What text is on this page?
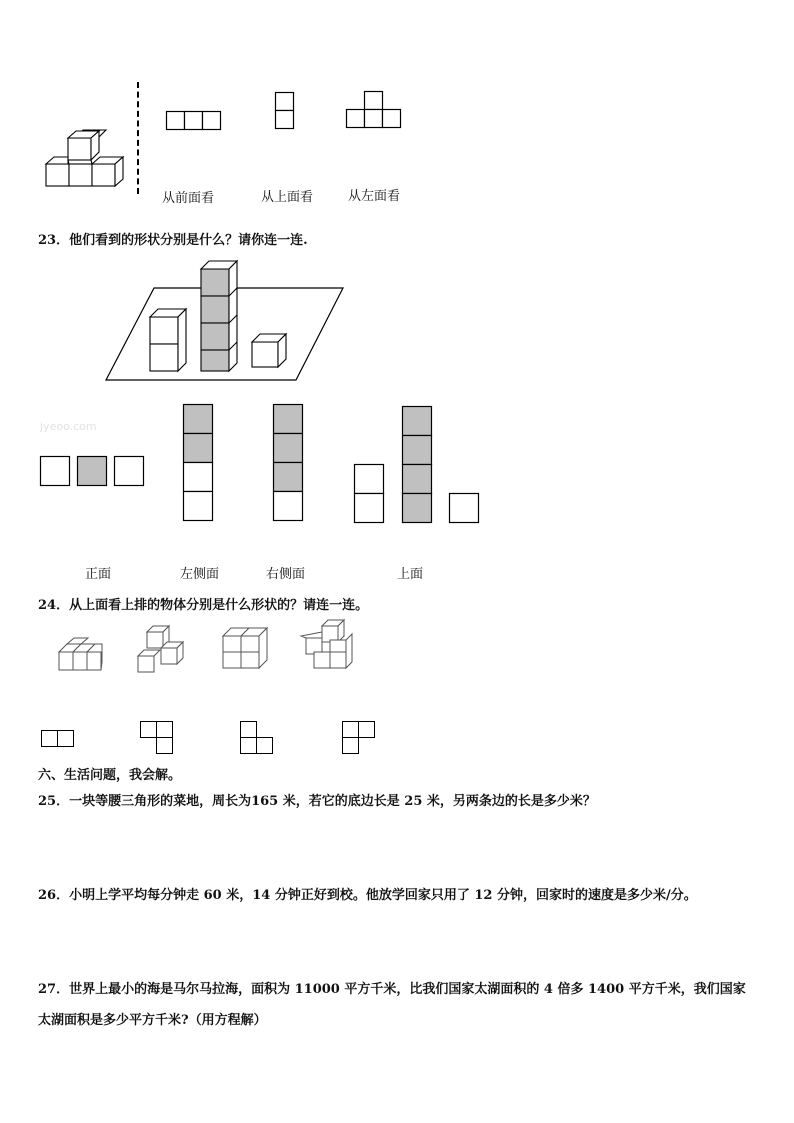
从前面看	从上面看	从左面看
23．他们看到的形状分别是什么？请你连一连.
jyeoo.com
正面	左侧面	右侧面	上面
24．从上面看上排的物体分别是什么形状的？请连一连。
六、生活问题，我会解。
25．一块等腰三角形的菜地，周长为165 米，若它的底边长是 25 米，另两条边的长是多少米？
26．小明上学平均每分钟走 60 米，14 分钟正好到校。他放学回家只用了 12 分钟，回家时的速度是多少米/分。
27．世界上最小的海是马尔马拉海，面积为 11000 平方千米，比我们国家太湖面积的 4 倍多 1400 平方千米，我们国家
太湖面积是多少平方千米?（用方程解）
